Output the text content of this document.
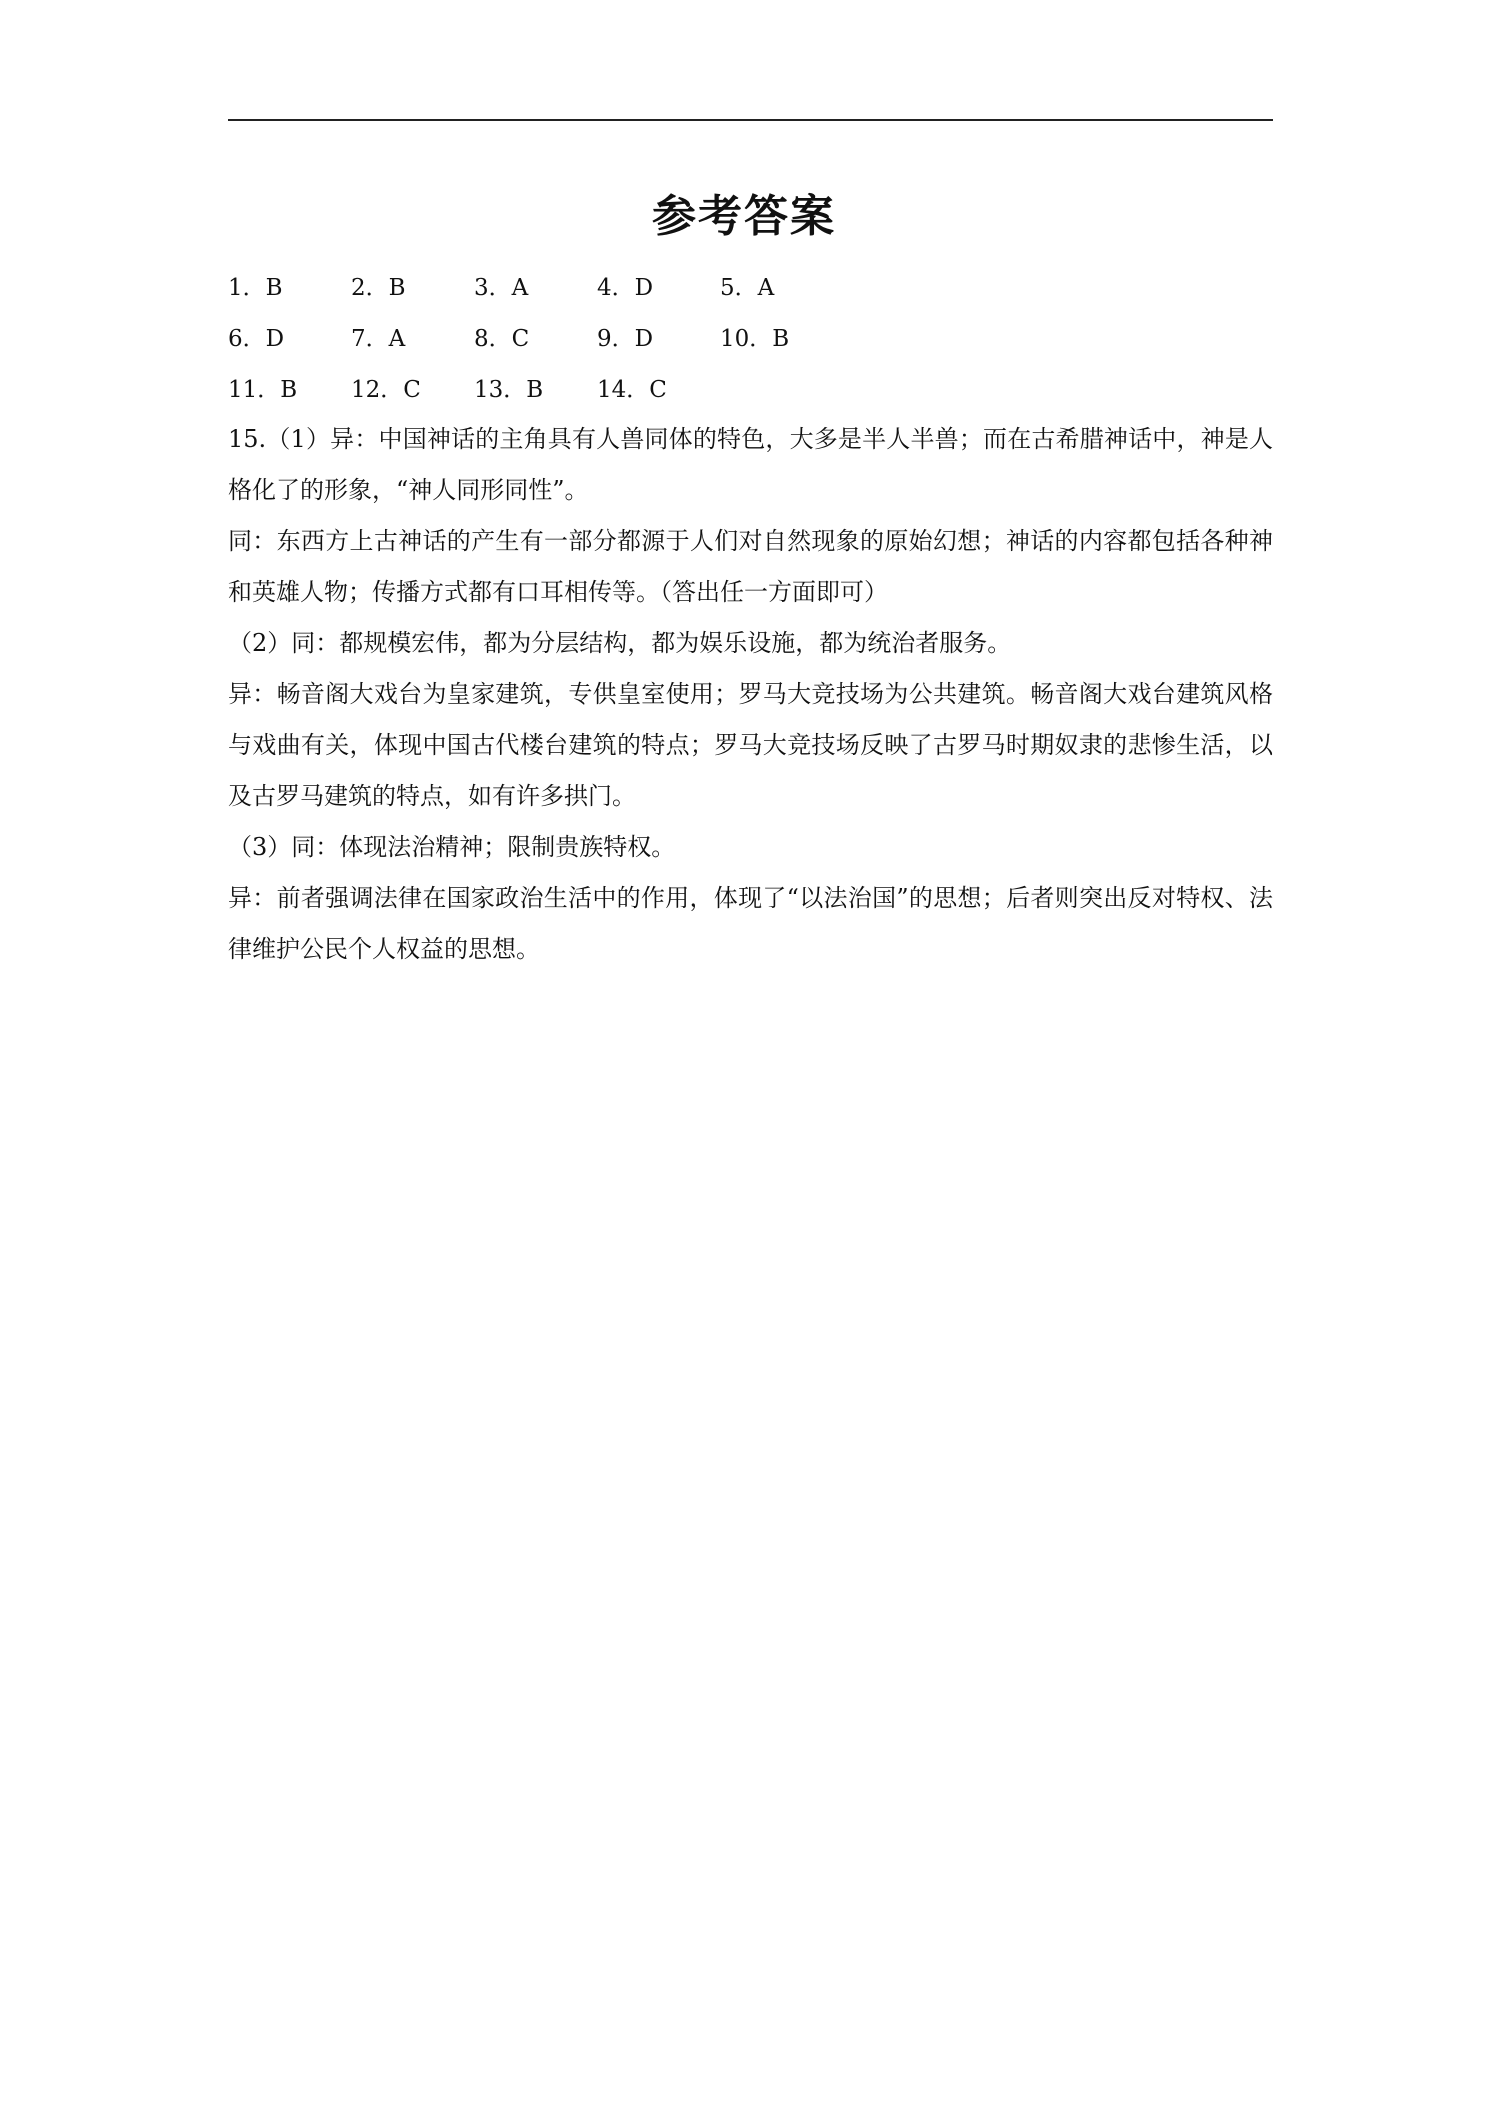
参考答案
1．B	2．B	3．A	4．D	5．A
6．D	7．A	8．C	9．D	10．B
11．B 12．C 13．B 14．C

15.（1）异：中国神话的主角具有人兽同体的特色，大多是半人半兽；而在古希腊神话中，神是人格化了的形象，“神人同形同性”。

同：东西方上古神话的产生有一部分都源于人们对自然现象的原始幻想；神话的内容都包括各种神和英雄人物；传播方式都有口耳相传等。（答出任一方面即可）

（2）同：都规模宏伟，都为分层结构，都为娱乐设施，都为统治者服务。

异：畅音阁大戏台为皇家建筑，专供皇室使用；罗马大竞技场为公共建筑。畅音阁大戏台建筑风格与戏曲有关，体现中国古代楼台建筑的特点；罗马大竞技场反映了古罗马时期奴隶的悲惨生活，以及古罗马建筑的特点，如有许多拱门。

（3）同：体现法治精神；限制贵族特权。

异：前者强调法律在国家政治生活中的作用，体现了“以法治国”的思想；后者则突出反对特权、法律维护公民个人权益的思想。
